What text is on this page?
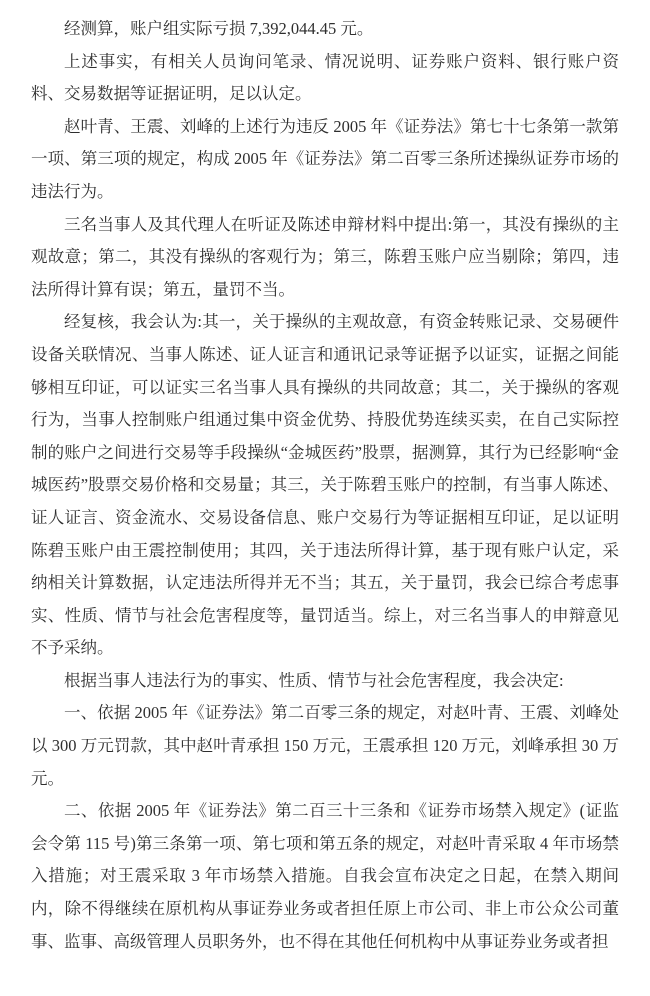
经测算，账户组实际亏损 7,392,044.45 元。

上述事实，有相关人员询问笔录、情况说明、证券账户资料、银行账户资料、交易数据等证据证明，足以认定。

赵叶青、王震、刘峰的上述行为违反 2005 年《证券法》第七十七条第一款第一项、第三项的规定，构成 2005 年《证券法》第二百零三条所述操纵证券市场的违法行为。

三名当事人及其代理人在听证及陈述申辩材料中提出:第一，其没有操纵的主观故意；第二，其没有操纵的客观行为；第三，陈碧玉账户应当剔除；第四，违法所得计算有误；第五，量罚不当。

经复核，我会认为:其一，关于操纵的主观故意，有资金转账记录、交易硬件设备关联情况、当事人陈述、证人证言和通讯记录等证据予以证实，证据之间能够相互印证，可以证实三名当事人具有操纵的共同故意；其二，关于操纵的客观行为，当事人控制账户组通过集中资金优势、持股优势连续买卖，在自己实际控制的账户之间进行交易等手段操纵“金城医药”股票，据测算，其行为已经影响“金城医药”股票交易价格和交易量；其三，关于陈碧玉账户的控制，有当事人陈述、证人证言、资金流水、交易设备信息、账户交易行为等证据相互印证，足以证明陈碧玉账户由王震控制使用；其四，关于违法所得计算，基于现有账户认定，采纳相关计算数据，认定违法所得并无不当；其五，关于量罚，我会已综合考虑事实、性质、情节与社会危害程度等，量罚适当。综上，对三名当事人的申辩意见不予采纳。

根据当事人违法行为的事实、性质、情节与社会危害程度，我会决定:

一、依据 2005 年《证券法》第二百零三条的规定，对赵叶青、王震、刘峰处以 300 万元罚款，其中赵叶青承担 150 万元，王震承担 120 万元，刘峰承担 30 万元。

二、依据 2005 年《证券法》第二百三十三条和《证券市场禁入规定》(证监会令第 115 号)第三条第一项、第七项和第五条的规定，对赵叶青采取 4 年市场禁入措施；对王震采取 3 年市场禁入措施。自我会宣布决定之日起，在禁入期间内，除不得继续在原机构从事证券业务或者担任原上市公司、非上市公众公司董事、监事、高级管理人员职务外，也不得在其他任何机构中从事证券业务或者担
